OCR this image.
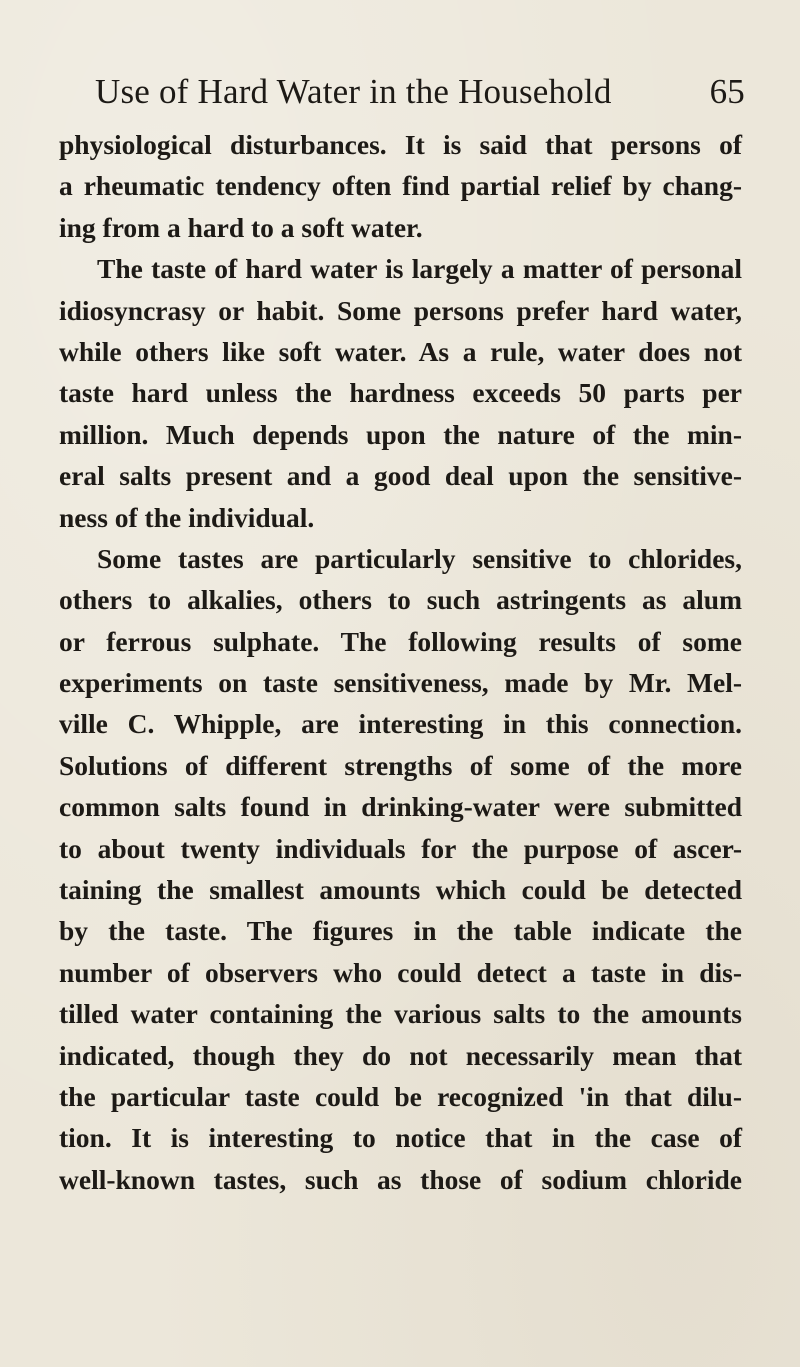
Use of Hard Water in the Household	65
physiological disturbances. It is said that persons of
a rheumatic tendency often find partial relief by chang-
ing from a hard to a soft water.
The taste of hard water is largely a matter of personal
idiosyncrasy or habit. Some persons prefer hard water,
while others like soft water. As a rule, water does not
taste hard unless the hardness exceeds 50 parts per
million. Much depends upon the nature of the min-
eral salts present and a good deal upon the sensitive-
ness of the individual.
Some tastes are particularly sensitive to chlorides,
others to alkalies, others to such astringents as alum
or ferrous sulphate. The following results of some
experiments on taste sensitiveness, made by Mr. Mel-
ville C. Whipple, are interesting in this connection.
Solutions of different strengths of some of the more
common salts found in drinking-water were submitted
to about twenty individuals for the purpose of ascer-
taining the smallest amounts which could be detected
by the taste. The figures in the table indicate the
number of observers who could detect a taste in dis-
tilled water containing the various salts to the amounts
indicated, though they do not necessarily mean that
the particular taste could be recognized 'in that dilu-
tion. It is interesting to notice that in the case of
well-known tastes, such as those of sodium chloride
